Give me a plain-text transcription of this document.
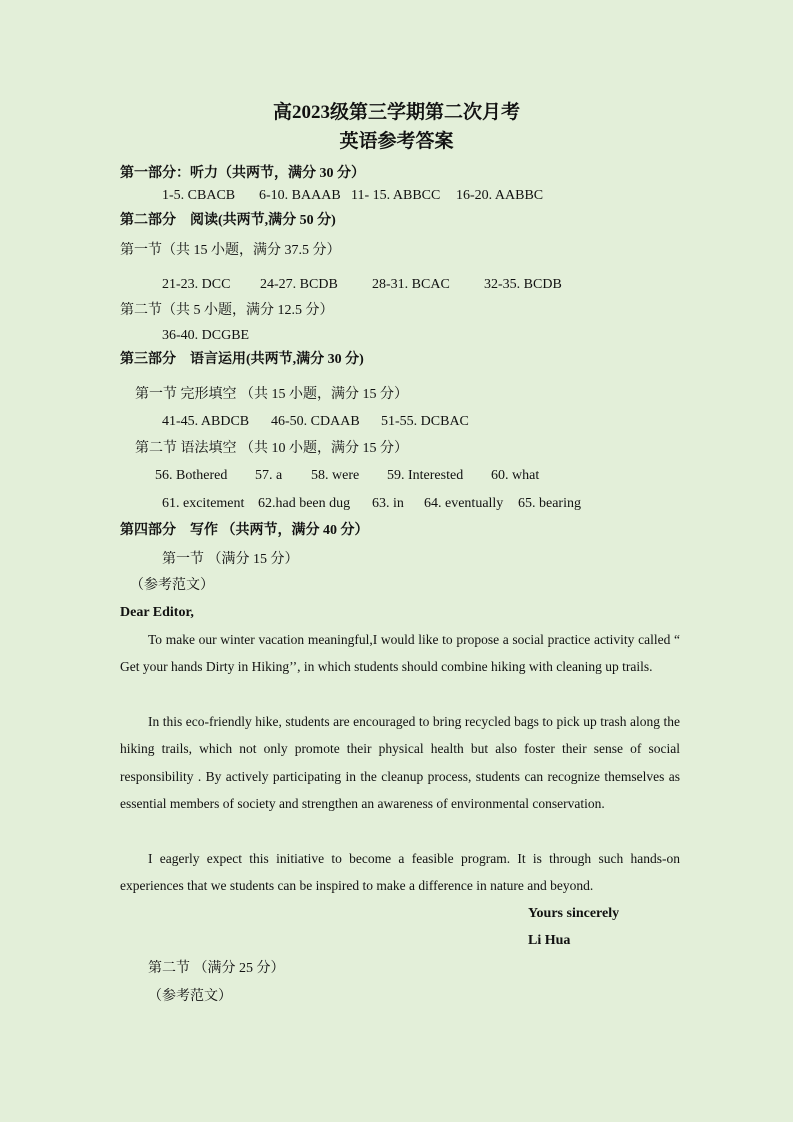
高2023级第三学期第二次月考
英语参考答案
第一部分：听力（共两节，满分 30 分）
1-5. CBACB 6-10. BAAAB 11- 15. ABBCC 16-20. AABBC
第二部分　阅读(共两节,满分 50 分)
第一节（共 15 小题，满分 37.5 分）
21-23. DCC 24-27. BCDB 28-31. BCAC 32-35. BCDB
第二节（共 5 小题，满分 12.5 分）
36-40. DCGBE
第三部分　语言运用(共两节,满分 30 分)
第一节 完形填空 （共 15 小题，满分 15 分）
41-45. ABDCB 46-50. CDAAB 51-55. DCBAC
第二节 语法填空 （共 10 小题，满分 15 分）
56. Bothered 57. a 58. were 59. Interested 60. what
61. excitement 62.had been dug 63. in 64. eventually 65. bearing
第四部分　写作 （共两节，满分 40 分）
第一节 （满分 15 分）
（参考范文）
Dear Editor,
To make our winter vacation meaningful,I would like to propose a social practice activity called “ Get your hands Dirty in Hiking’’, in which students should combine hiking with cleaning up trails.
In this eco-friendly hike, students are encouraged to bring recycled bags to pick up trash along the hiking trails, which not only promote their physical health but also foster their sense of social responsibility . By actively participating in the cleanup process, students can recognize themselves as essential members of society and strengthen an awareness of environmental conservation.
I eagerly expect this initiative to become a feasible program. It is through such hands-on experiences that we students can be inspired to make a difference in nature and beyond.
Yours sincerely
Li Hua
第二节 （满分 25 分）
（参考范文）
